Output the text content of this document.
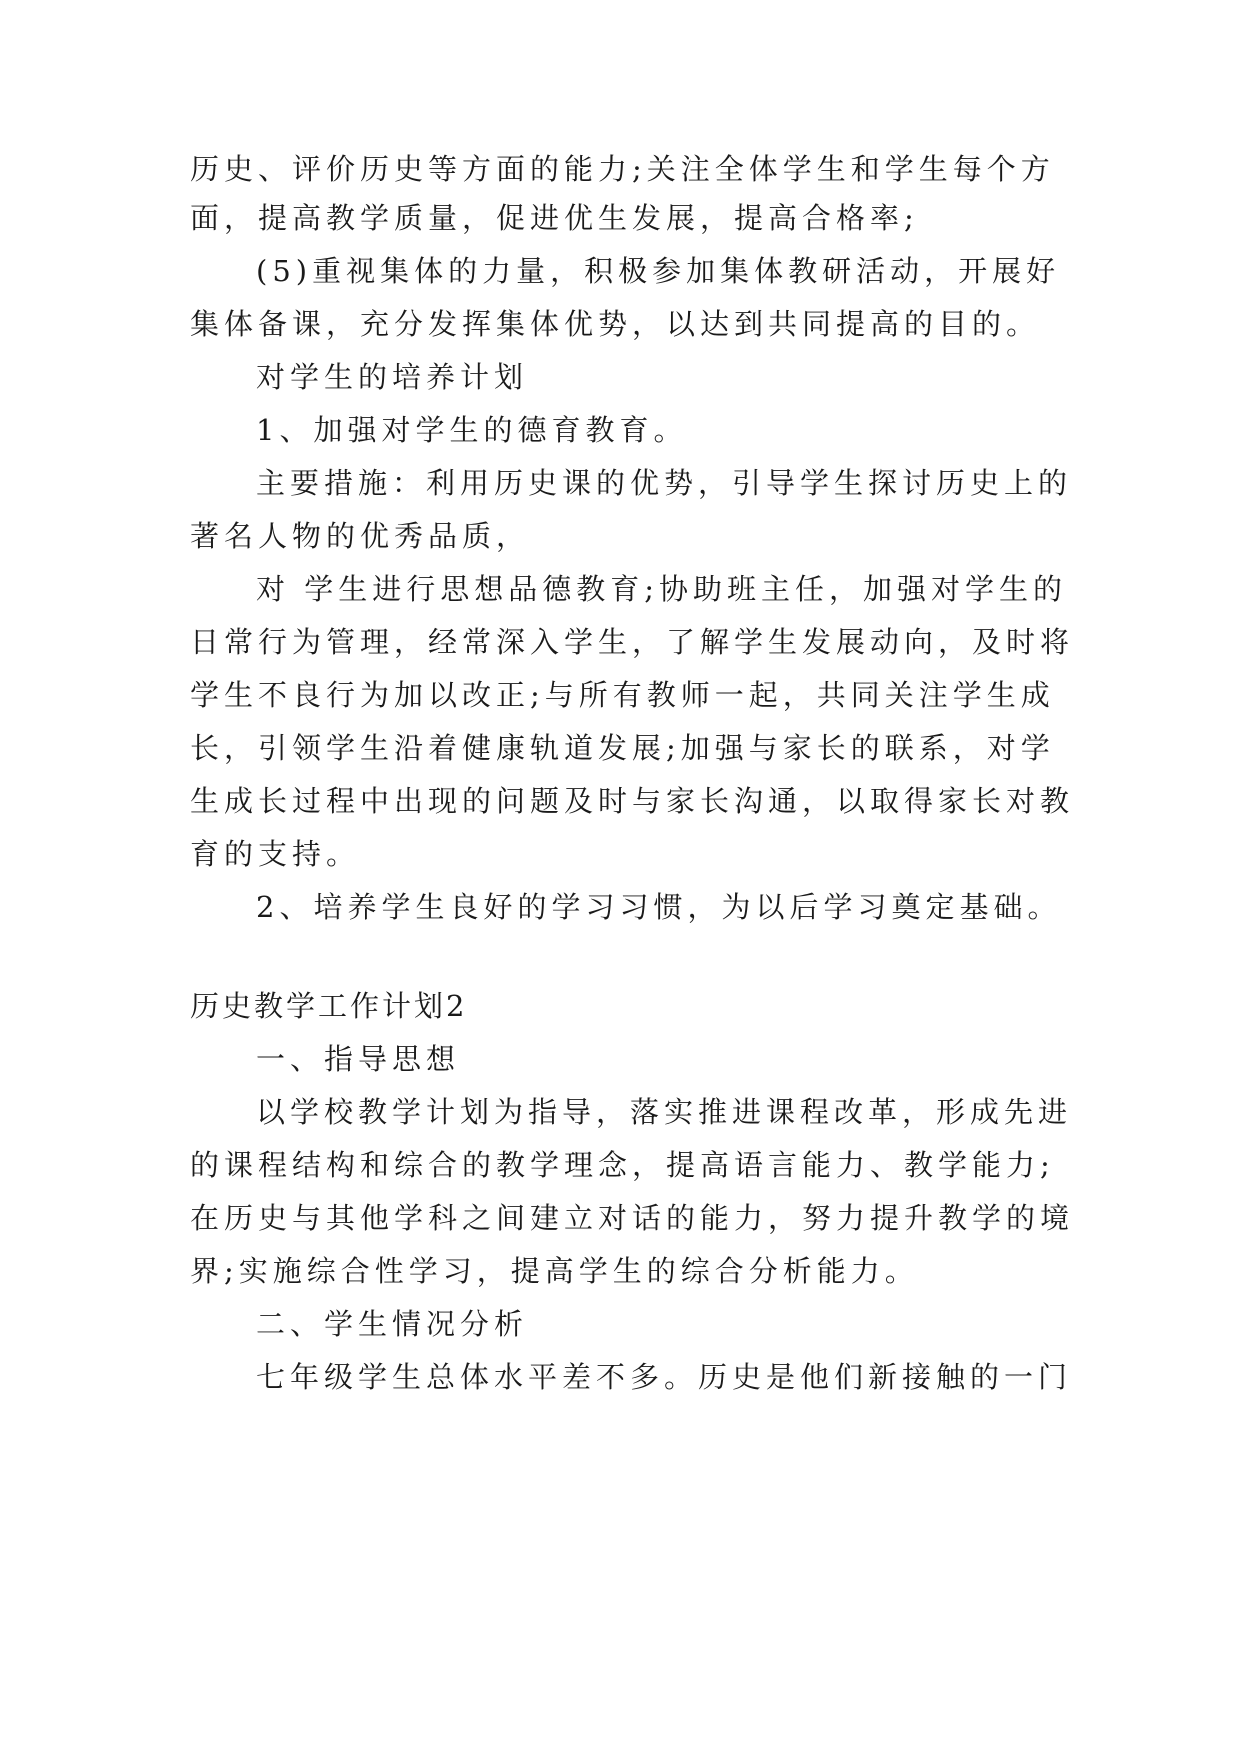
历史、评价历史等方面的能力;关注全体学生和学生每个方

面，提高教学质量，促进优生发展，提高合格率;

(5)重视集体的力量，积极参加集体教研活动，开展好

集体备课，充分发挥集体优势，以达到共同提高的目的。

对学生的培养计划

1、加强对学生的德育教育。

主要措施：利用历史课的优势，引导学生探讨历史上的

著名人物的优秀品质，

对 学生进行思想品德教育;协助班主任，加强对学生的

日常行为管理，经常深入学生，了解学生发展动向，及时将

学生不良行为加以改正;与所有教师一起，共同关注学生成

长，引领学生沿着健康轨道发展;加强与家长的联系，对学

生成长过程中出现的问题及时与家长沟通，以取得家长对教

育的支持。

2、培养学生良好的学习习惯，为以后学习奠定基础。

历史教学工作计划2

一、指导思想

以学校教学计划为指导，落实推进课程改革，形成先进

的课程结构和综合的教学理念，提高语言能力、教学能力;

在历史与其他学科之间建立对话的能力，努力提升教学的境

界;实施综合性学习，提高学生的综合分析能力。

二、学生情况分析

七年级学生总体水平差不多。历史是他们新接触的一门
